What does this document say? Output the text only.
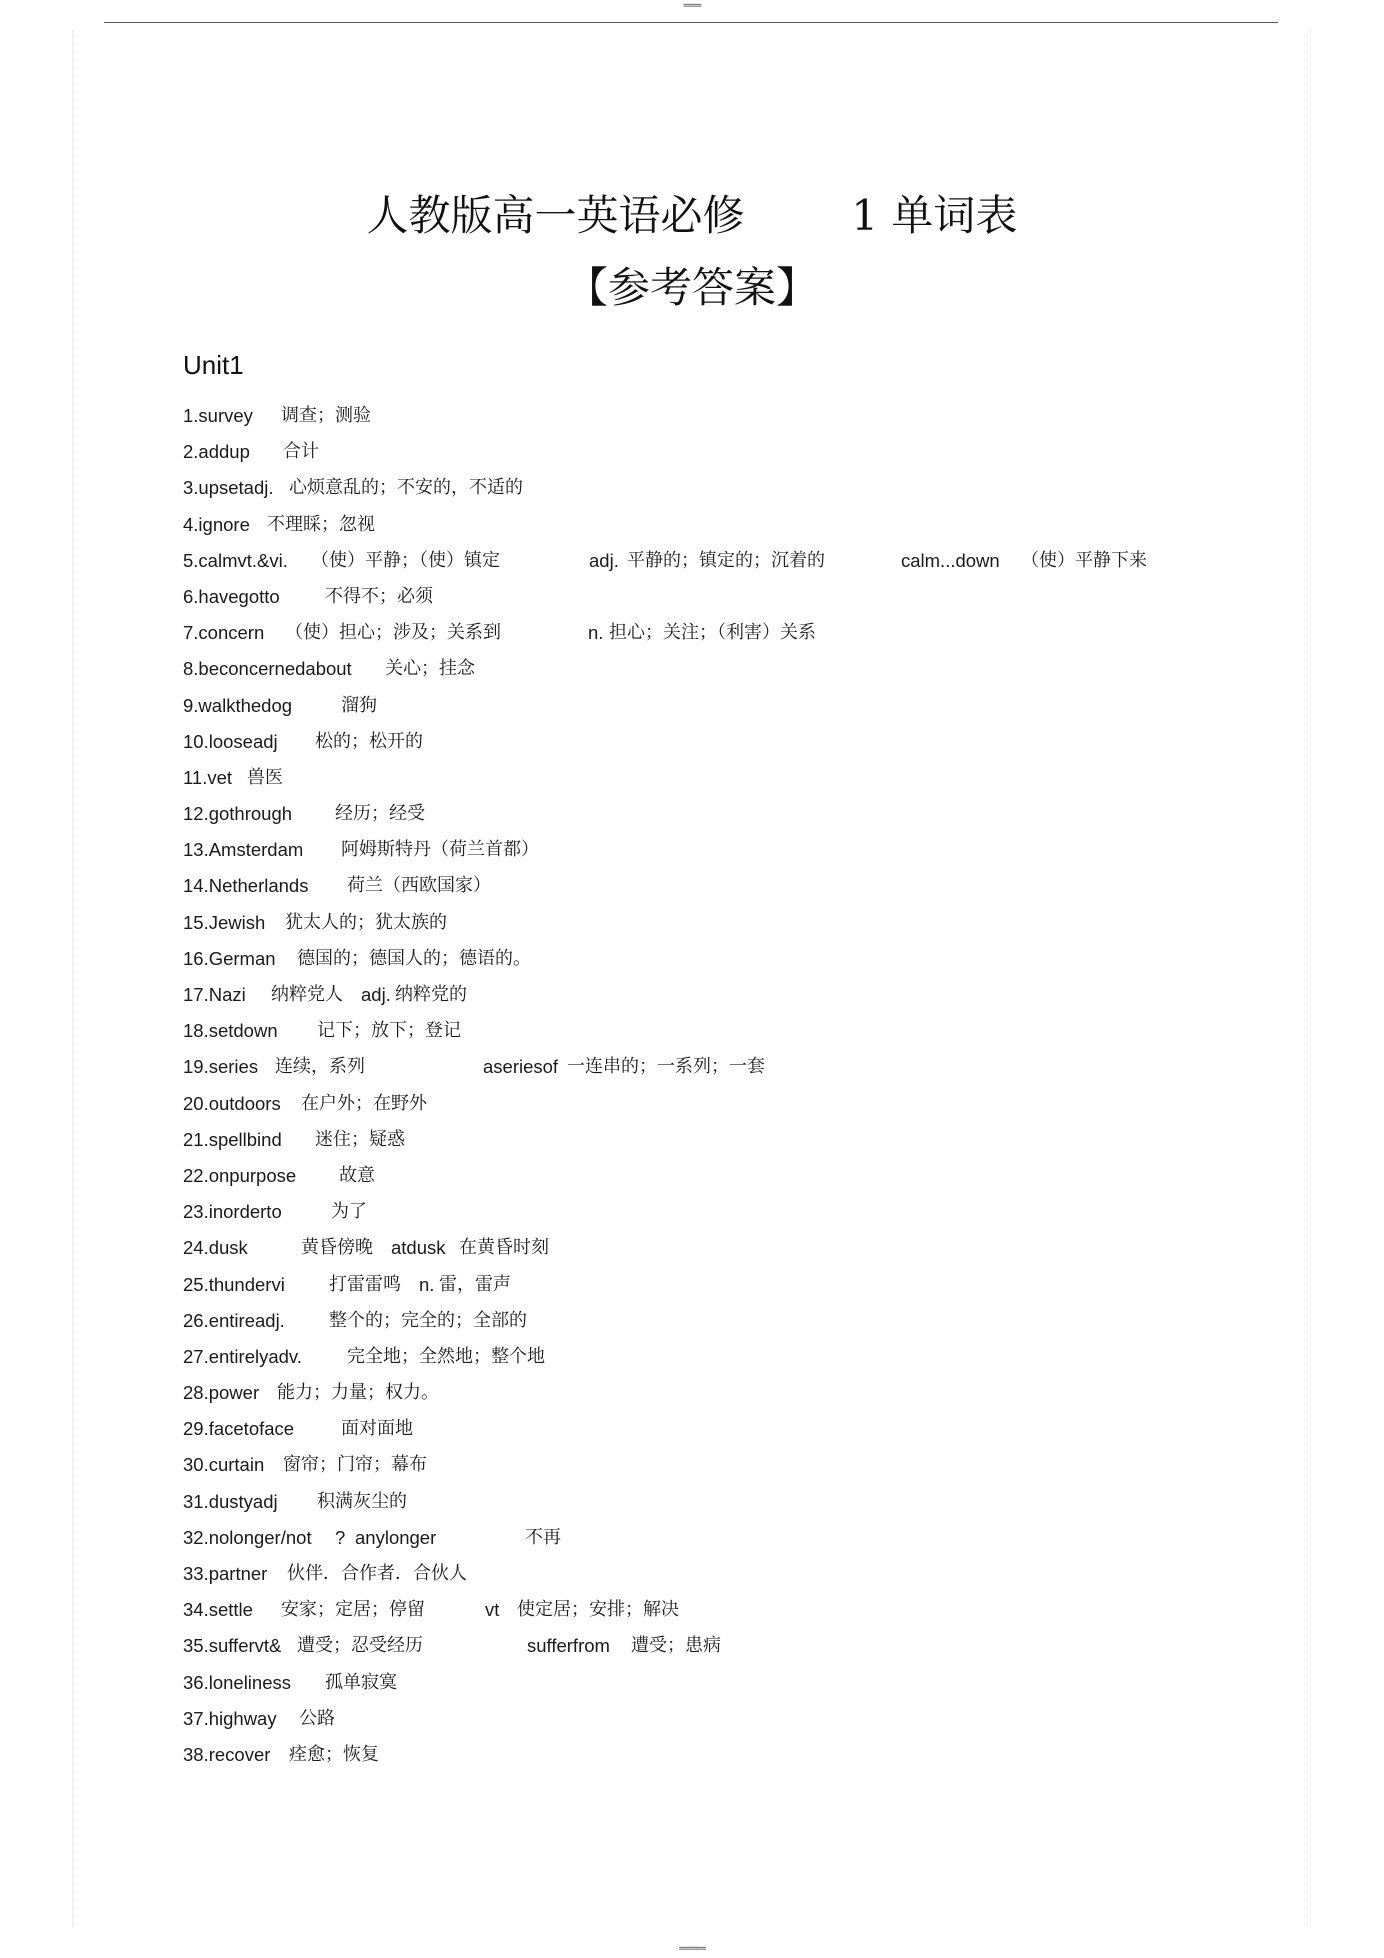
====
人教版高一英语必修        1 单词表
【参考答案】
Unit1
1.survey 调查；测验
2.addup 合计
3.upsetadj. 心烦意乱的；不安的，不适的
4.ignore 不理睬；忽视
5.calmvt.&vi. （使）平静；（使）镇定	adj. 平静的；镇定的；沉着的	calm...down （使）平静下来
6.havegotto	不得不；必须
7.concern （使）担心；涉及；关系到	n. 担心；关注；（利害）关系
8.beconcernedabout 关心；挂念
9.walkthedog	溜狗
10.looseadj 松的；松开的
11.vet 兽医
12.gothrough 经历；经受
13.Amsterdam 阿姆斯特丹（荷兰首都）
14.Netherlands 荷兰（西欧国家）
15.Jewish 犹太人的；犹太族的
16.German 德国的；德国人的；德语的。
17.Nazi 纳粹党人 adj. 纳粹党的
18.setdown 记下；放下；登记
19.series 连续，系列	aseriesof 一连串的；一系列；一套
20.outdoors 在户外；在野外
21.spellbind 迷住；疑惑
22.onpurpose 故意
23.inorderto	为了
24.dusk	黄昏傍晚 atdusk 在黄昏时刻
25.thundervi 打雷雷鸣 n. 雷，雷声
26.entireadj. 整个的；完全的；全部的
27.entirelyadv.	完全地；全然地；整个地
28.power 能力；力量；权力。
29.facetoface	面对面地
30.curtain 窗帘；门帘；幕布
31.dustyadj 积满灰尘的
32.nolonger/not ? anylonger	不再
33.partner 伙伴．合作者．合伙人
34.settle 安家；定居；停留	vt 使定居；安排；解决
35.suffervt& 遭受；忍受经历	sufferfrom 遭受；患病
36.loneliness 孤单寂寞
37.highway 公路
38.recover 痊愈；恢复
======
